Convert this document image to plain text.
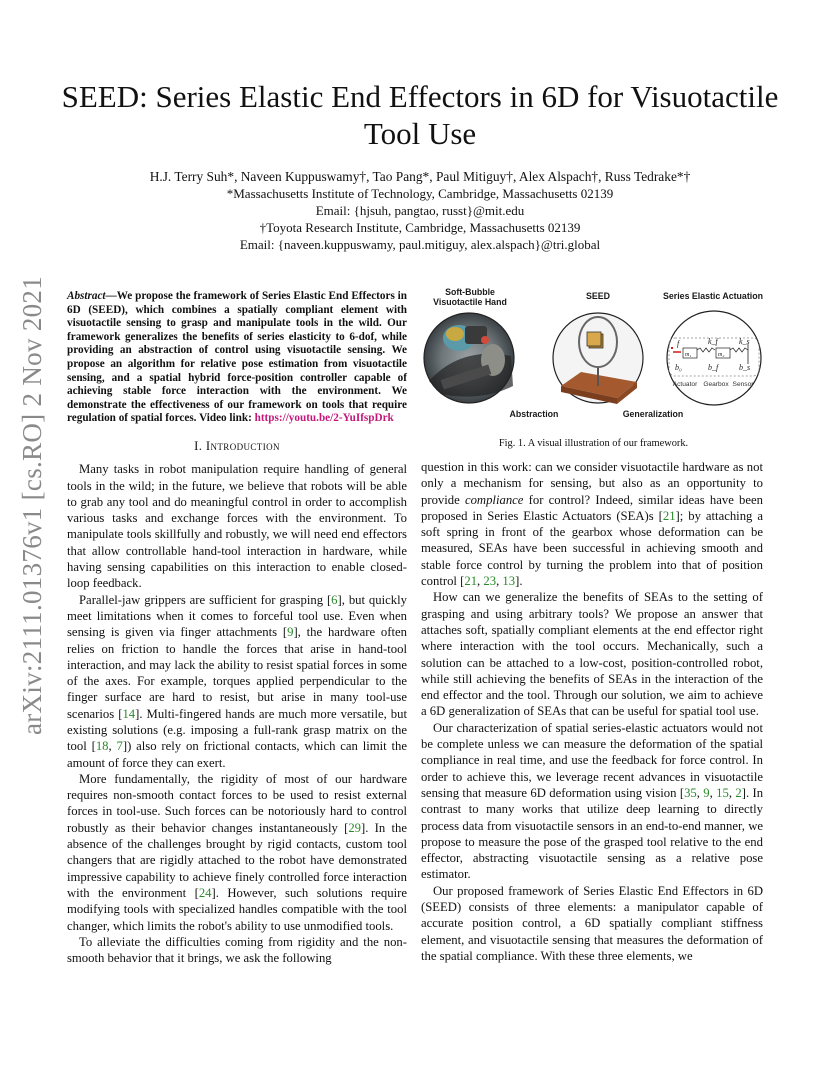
arXiv:2111.01376v1 [cs.RO] 2 Nov 2021
SEED: Series Elastic End Effectors in 6D for Visuotactile Tool Use
H.J. Terry Suh*, Naveen Kuppuswamy†, Tao Pang*, Paul Mitiguy†, Alex Alspach†, Russ Tedrake*†
*Massachusetts Institute of Technology, Cambridge, Massachusetts 02139
Email: {hjsuh, pangtao, russt}@mit.edu
†Toyota Research Institute, Cambridge, Massachusetts 02139
Email: {naveen.kuppuswamy, paul.mitiguy, alex.alspach}@tri.global
Abstract—We propose the framework of Series Elastic End Effectors in 6D (SEED), which combines a spatially compliant element with visuotactile sensing to grasp and manipulate tools in the wild. Our framework generalizes the benefits of series elasticity to 6-dof, while providing an abstraction of control using visuotactile sensing. We propose an algorithm for relative pose estimation from visuotactile sensing, and a spatial hybrid force-position controller capable of achieving stable force interaction with the environment. We demonstrate the effectiveness of our framework on tools that require regulation of spatial forces. Video link: https://youtu.be/2-YuIfspDrk
I. Introduction

Many tasks in robot manipulation require handling of general tools in the wild; in the future, we believe that robots will be able to grab any tool and do meaningful control in order to accomplish various tasks and exchange forces with the environment. To manipulate tools skillfully and robustly, we will need end effectors that allow controllable hand-tool interaction in hardware, while having sensing capabilities on this interaction to enable closed-loop feedback.

Parallel-jaw grippers are sufficient for grasping [6], but quickly meet limitations when it comes to forceful tool use. Even when sensing is given via finger attachments [9], the hardware often relies on friction to handle the forces that arise in hand-tool interaction, and may lack the ability to resist spatial forces in some of the axes. For example, torques applied perpendicular to the finger surface are hard to resist, but arise in many tool-use scenarios [14]. Multi-fingered hands are much more versatile, but existing solutions (e.g. imposing a full-rank grasp matrix on the tool [18, 7]) also rely on frictional contacts, which can limit the amount of force they can exert.

More fundamentally, the rigidity of most of our hardware requires non-smooth contact forces to be used to resist external forces in tool-use. Such forces can be notoriously hard to control robustly as their behavior changes instantaneously [29]. In the absence of the challenges brought by rigid contacts, custom tool changers that are rigidly attached to the robot have demonstrated impressive capability to achieve finely controlled force interaction with the environment [24]. However, such solutions require modifying tools with specialized handles compatible with the tool changer, which limits the robot's ability to use unmodified tools.

To alleviate the difficulties coming from rigidity and the non-smooth behavior that it brings, we ask the following

Soft-Bubble
Visuotactile Hand
SEED	Series Elastic Actuation
f
m₁	m₂
k_f	k_s
b₀	b_f	b_s
Actuator Gearbox Sensor
Abstraction	Generalization
Fig. 1. A visual illustration of our framework.

question in this work: can we consider visuotactile hardware as not only a mechanism for sensing, but also as an opportunity to provide compliance for control? Indeed, similar ideas have been proposed in Series Elastic Actuators (SEA)s [21]; by attaching a soft spring in front of the gearbox whose deformation can be measured, SEAs have been successful in achieving smooth and stable force control by turning the problem into that of position control [21, 23, 13].

How can we generalize the benefits of SEAs to the setting of grasping and using arbitrary tools? We propose an answer that attaches soft, spatially compliant elements at the end effector right where interaction with the tool occurs. Mechanically, such a solution can be attached to a low-cost, position-controlled robot, while still achieving the benefits of SEAs in the interaction of the end effector and the tool. Through our solution, we aim to achieve a 6D generalization of SEAs that can be useful for spatial tool use.

Our characterization of spatial series-elastic actuators would not be complete unless we can measure the deformation of the spatial compliance in real time, and use the feedback for force control. In order to achieve this, we leverage recent advances in visuotactile sensing that measure 6D deformation using vision [35, 9, 15, 2]. In contrast to many works that utilize deep learning to directly process data from visuotactile sensors in an end-to-end manner, we propose to measure the pose of the grasped tool relative to the end effector, abstracting visuotactile sensing as a relative pose estimator.

Our proposed framework of Series Elastic End Effectors in 6D (SEED) consists of three elements: a manipulator capable of accurate position control, a 6D spatially compliant stiffness element, and visuotactile sensing that measures the deformation of the spatial compliance. With these three elements, we
